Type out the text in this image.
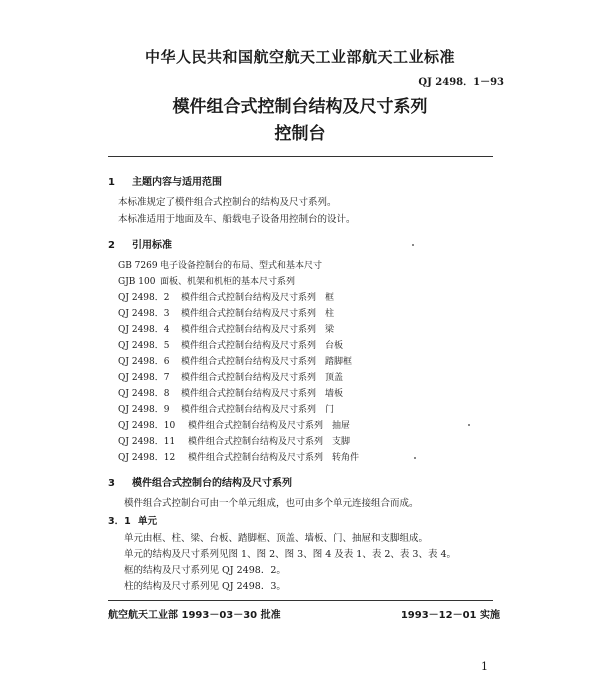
中华人民共和国航空航天工业部航天工业标准
QJ 2498．1－93
模件组合式控制台结构及尺寸系列
控制台
1 主题内容与适用范围
本标准规定了模件组合式控制台的结构及尺寸系列。
本标准适用于地面及车、船载电子设备用控制台的设计。
2 引用标准
GB 7269 电子设备控制台的布局、型式和基本尺寸
GJB 100 面板、机架和机柜的基本尺寸系列
QJ 2498．2 模件组合式控制台结构及尺寸系列　框
QJ 2498．3 模件组合式控制台结构及尺寸系列　柱
QJ 2498．4 模件组合式控制台结构及尺寸系列　梁
QJ 2498．5 模件组合式控制台结构及尺寸系列　台板
QJ 2498．6 模件组合式控制台结构及尺寸系列　踏脚框
QJ 2498．7 模件组合式控制台结构及尺寸系列　顶盖
QJ 2498．8 模件组合式控制台结构及尺寸系列　墙板
QJ 2498．9 模件组合式控制台结构及尺寸系列　门
QJ 2498．10 模件组合式控制台结构及尺寸系列　抽屉
QJ 2498．11 模件组合式控制台结构及尺寸系列　支脚
QJ 2498．12 模件组合式控制台结构及尺寸系列　转角件
3 模件组合式控制台的结构及尺寸系列
模件组合式控制台可由一个单元组成，也可由多个单元连接组合而成。
3．1 单元
单元由框、柱、梁、台板、踏脚框、顶盖、墙板、门、抽屉和支脚组成。
单元的结构及尺寸系列见图 1、图 2、图 3、图 4 及表 1、表 2、表 3、表 4。
框的结构及尺寸系列见 QJ 2498．2。
柱的结构及尺寸系列见 QJ 2498．3。
航空航天工业部 1993－03－30 批准	1993－12－01 实施
1
